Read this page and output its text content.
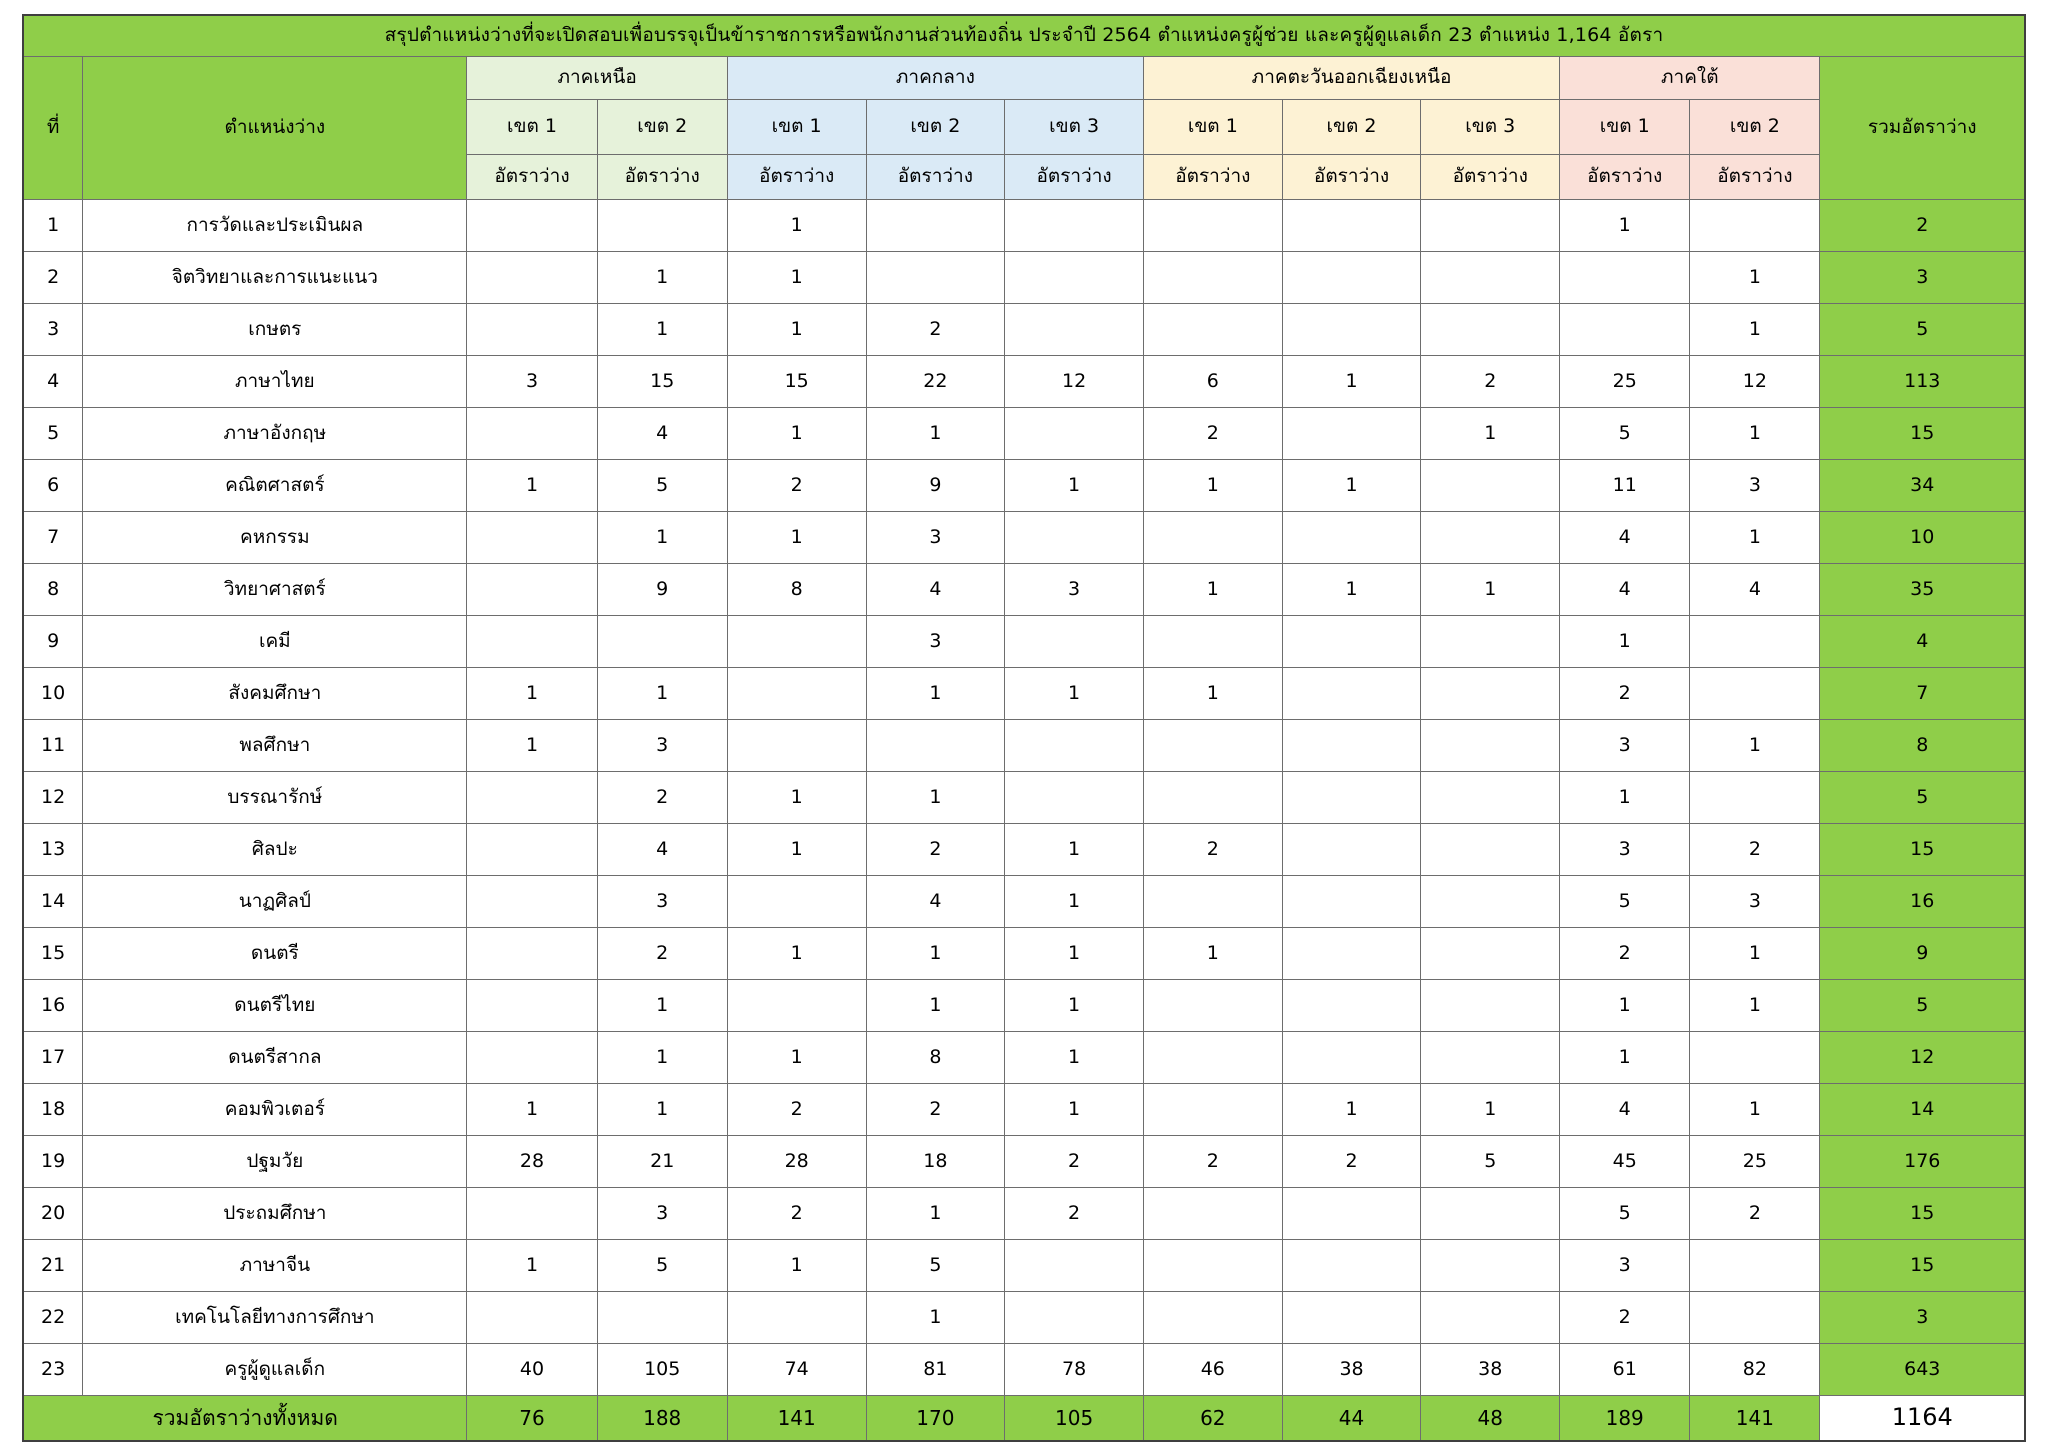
สรุปตำแหน่งว่างที่จะเปิดสอบเพื่อบรรจุเป็นข้าราชการหรือพนักงานส่วนท้องถิ่น ประจำปี 2564 ตำแหน่งครูผู้ช่วย และครูผู้ดูแลเด็ก 23 ตำแหน่ง 1,164 อัตรา												
ที่	ตำแหน่งว่าง	ภาคเหนือ		ภาคกลาง			ภาคตะวันออกเฉียงเหนือ			ภาคใต้		รวมอัตราว่าง
		เขต 1	เขต 2	เขต 1	เขต 2	เขต 3	เขต 1	เขต 2	เขต 3	เขต 1	เขต 2	
		อัตราว่าง	อัตราว่าง	อัตราว่าง	อัตราว่าง	อัตราว่าง	อัตราว่าง	อัตราว่าง	อัตราว่าง	อัตราว่าง	อัตราว่าง	
1	การวัดและประเมินผล			1						1		2
2	จิตวิทยาและการแนะแนว		1	1							1	3
3	เกษตร		1	1	2						1	5
4	ภาษาไทย	3	15	15	22	12	6	1	2	25	12	113
5	ภาษาอังกฤษ		4	1	1		2		1	5	1	15
6	คณิตศาสตร์	1	5	2	9	1	1	1		11	3	34
7	คหกรรม		1	1	3					4	1	10
8	วิทยาศาสตร์		9	8	4	3	1	1	1	4	4	35
9	เคมี				3					1		4
10	สังคมศึกษา	1	1		1	1	1			2		7
11	พลศึกษา	1	3							3	1	8
12	บรรณารักษ์		2	1	1					1		5
13	ศิลปะ		4	1	2	1	2			3	2	15
14	นาฏศิลป์		3		4	1				5	3	16
15	ดนตรี		2	1	1	1	1			2	1	9
16	ดนตรีไทย		1		1	1				1	1	5
17	ดนตรีสากล		1	1	8	1				1		12
18	คอมพิวเตอร์	1	1	2	2	1		1	1	4	1	14
19	ปฐมวัย	28	21	28	18	2	2	2	5	45	25	176
20	ประถมศึกษา		3	2	1	2				5	2	15
21	ภาษาจีน	1	5	1	5					3		15
22	เทคโนโลยีทางการศึกษา				1					2		3
23	ครูผู้ดูแลเด็ก	40	105	74	81	78	46	38	38	61	82	643
รวมอัตราว่างทั้งหมด		76	188	141	170	105	62	44	48	189	141	1164
